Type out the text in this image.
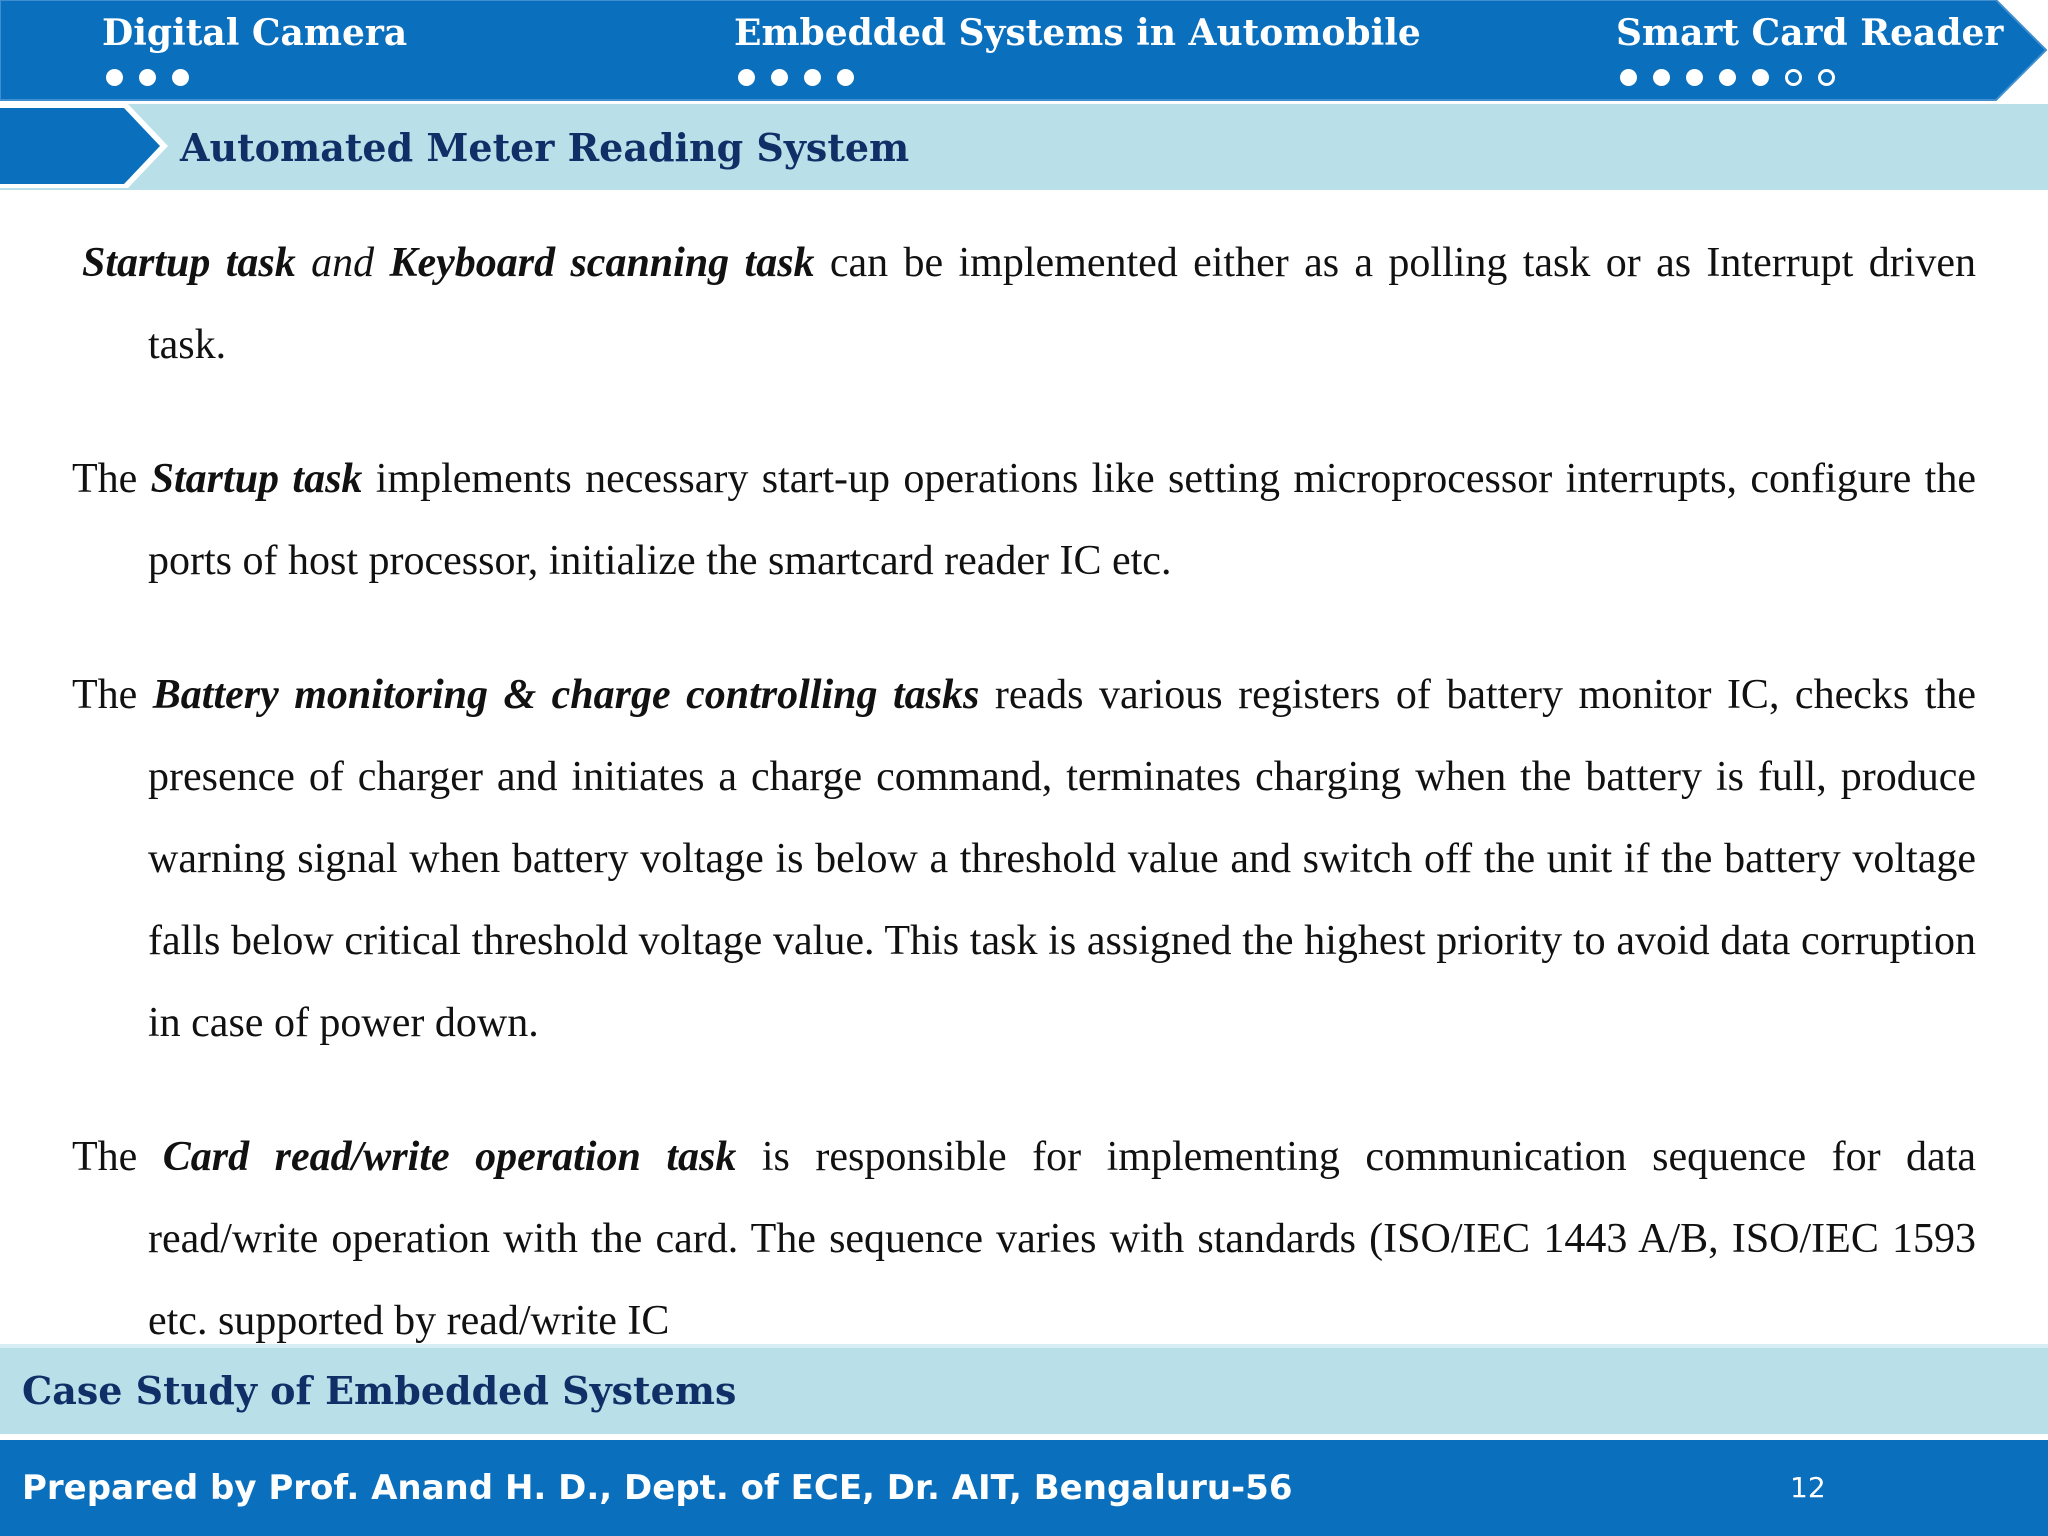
Digital Camera	Embedded Systems in Automobile	Smart Card Reader
Automated Meter Reading System

Startup task and Keyboard scanning task can be implemented either as a polling task or as Interrupt driven task.

The Startup task implements necessary start-up operations like setting microprocessor interrupts, configure the ports of host processor, initialize the smartcard reader IC etc.

The Battery monitoring & charge controlling tasks reads various registers of battery monitor IC, checks the presence of charger and initiates a charge command, terminates charging when the battery is full, produce warning signal when battery voltage is below a threshold value and switch off the unit if the battery voltage falls below critical threshold voltage value. This task is assigned the highest priority to avoid data corruption in case of power down.

The Card read/write operation task is responsible for implementing communication sequence for data read/write operation with the card. The sequence varies with standards (ISO/IEC 1443 A/B, ISO/IEC 1593 etc. supported by read/write IC

Case Study of Embedded Systems
Prepared by Prof. Anand H. D., Dept. of ECE, Dr. AIT, Bengaluru-56	12
